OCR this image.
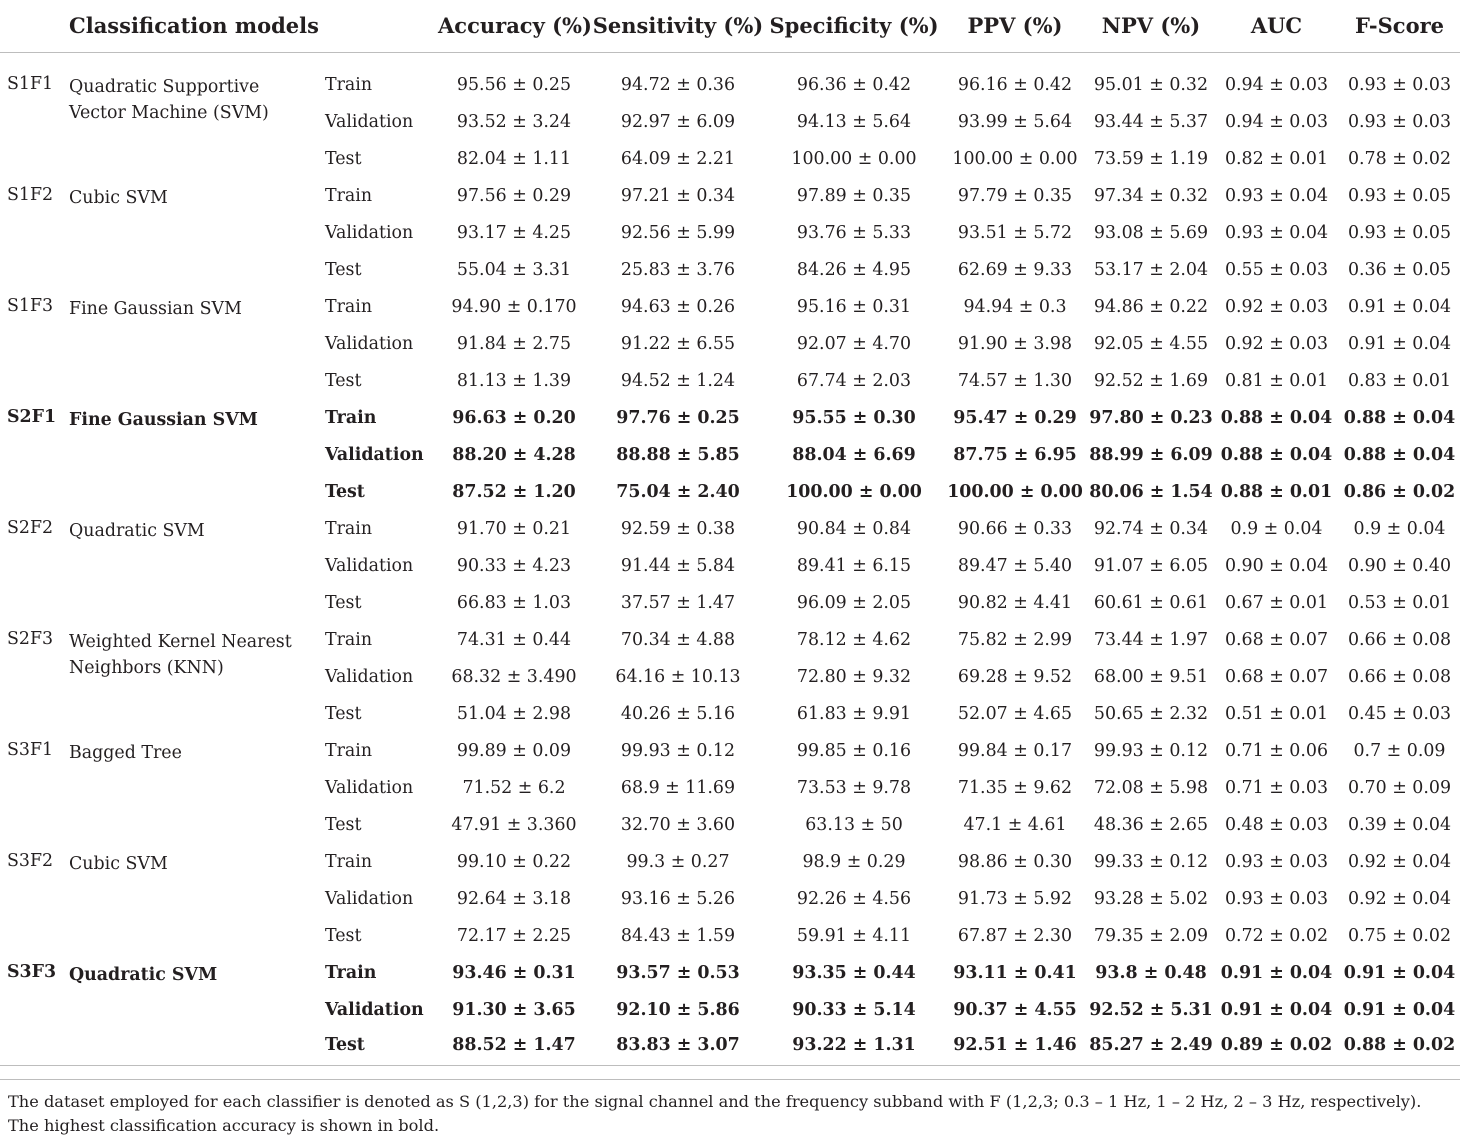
	Classification models		Accuracy (%)	Sensitivity (%)	Specificity (%)	PPV (%)	NPV (%)	AUC	F-Score

S1F1	Quadratic Supportive Vector Machine (SVM)	Train	95.56 ± 0.25	94.72 ± 0.36	96.36 ± 0.42	96.16 ± 0.42	95.01 ± 0.32	0.94 ± 0.03	0.93 ± 0.03
		Validation	93.52 ± 3.24	92.97 ± 6.09	94.13 ± 5.64	93.99 ± 5.64	93.44 ± 5.37	0.94 ± 0.03	0.93 ± 0.03
		Test	82.04 ± 1.11	64.09 ± 2.21	100.00 ± 0.00	100.00 ± 0.00	73.59 ± 1.19	0.82 ± 0.01	0.78 ± 0.02
S1F2	Cubic SVM	Train	97.56 ± 0.29	97.21 ± 0.34	97.89 ± 0.35	97.79 ± 0.35	97.34 ± 0.32	0.93 ± 0.04	0.93 ± 0.05
		Validation	93.17 ± 4.25	92.56 ± 5.99	93.76 ± 5.33	93.51 ± 5.72	93.08 ± 5.69	0.93 ± 0.04	0.93 ± 0.05
		Test	55.04 ± 3.31	25.83 ± 3.76	84.26 ± 4.95	62.69 ± 9.33	53.17 ± 2.04	0.55 ± 0.03	0.36 ± 0.05
S1F3	Fine Gaussian SVM	Train	94.90 ± 0.170	94.63 ± 0.26	95.16 ± 0.31	94.94 ± 0.3	94.86 ± 0.22	0.92 ± 0.03	0.91 ± 0.04
		Validation	91.84 ± 2.75	91.22 ± 6.55	92.07 ± 4.70	91.90 ± 3.98	92.05 ± 4.55	0.92 ± 0.03	0.91 ± 0.04
		Test	81.13 ± 1.39	94.52 ± 1.24	67.74 ± 2.03	74.57 ± 1.30	92.52 ± 1.69	0.81 ± 0.01	0.83 ± 0.01
S2F1	Fine Gaussian SVM	Train	96.63 ± 0.20	97.76 ± 0.25	95.55 ± 0.30	95.47 ± 0.29	97.80 ± 0.23	0.88 ± 0.04	0.88 ± 0.04
		Validation	88.20 ± 4.28	88.88 ± 5.85	88.04 ± 6.69	87.75 ± 6.95	88.99 ± 6.09	0.88 ± 0.04	0.88 ± 0.04
		Test	87.52 ± 1.20	75.04 ± 2.40	100.00 ± 0.00	100.00 ± 0.00	80.06 ± 1.54	0.88 ± 0.01	0.86 ± 0.02
S2F2	Quadratic SVM	Train	91.70 ± 0.21	92.59 ± 0.38	90.84 ± 0.84	90.66 ± 0.33	92.74 ± 0.34	0.9 ± 0.04	0.9 ± 0.04
		Validation	90.33 ± 4.23	91.44 ± 5.84	89.41 ± 6.15	89.47 ± 5.40	91.07 ± 6.05	0.90 ± 0.04	0.90 ± 0.40
		Test	66.83 ± 1.03	37.57 ± 1.47	96.09 ± 2.05	90.82 ± 4.41	60.61 ± 0.61	0.67 ± 0.01	0.53 ± 0.01
S2F3	Weighted Kernel Nearest Neighbors (KNN)	Train	74.31 ± 0.44	70.34 ± 4.88	78.12 ± 4.62	75.82 ± 2.99	73.44 ± 1.97	0.68 ± 0.07	0.66 ± 0.08
		Validation	68.32 ± 3.490	64.16 ± 10.13	72.80 ± 9.32	69.28 ± 9.52	68.00 ± 9.51	0.68 ± 0.07	0.66 ± 0.08
		Test	51.04 ± 2.98	40.26 ± 5.16	61.83 ± 9.91	52.07 ± 4.65	50.65 ± 2.32	0.51 ± 0.01	0.45 ± 0.03
S3F1	Bagged Tree	Train	99.89 ± 0.09	99.93 ± 0.12	99.85 ± 0.16	99.84 ± 0.17	99.93 ± 0.12	0.71 ± 0.06	0.7 ± 0.09
		Validation	71.52 ± 6.2	68.9 ± 11.69	73.53 ± 9.78	71.35 ± 9.62	72.08 ± 5.98	0.71 ± 0.03	0.70 ± 0.09
		Test	47.91 ± 3.360	32.70 ± 3.60	63.13 ± 50	47.1 ± 4.61	48.36 ± 2.65	0.48 ± 0.03	0.39 ± 0.04
S3F2	Cubic SVM	Train	99.10 ± 0.22	99.3 ± 0.27	98.9 ± 0.29	98.86 ± 0.30	99.33 ± 0.12	0.93 ± 0.03	0.92 ± 0.04
		Validation	92.64 ± 3.18	93.16 ± 5.26	92.26 ± 4.56	91.73 ± 5.92	93.28 ± 5.02	0.93 ± 0.03	0.92 ± 0.04
		Test	72.17 ± 2.25	84.43 ± 1.59	59.91 ± 4.11	67.87 ± 2.30	79.35 ± 2.09	0.72 ± 0.02	0.75 ± 0.02
S3F3	Quadratic SVM	Train	93.46 ± 0.31	93.57 ± 0.53	93.35 ± 0.44	93.11 ± 0.41	93.8 ± 0.48	0.91 ± 0.04	0.91 ± 0.04
		Validation	91.30 ± 3.65	92.10 ± 5.86	90.33 ± 5.14	90.37 ± 4.55	92.52 ± 5.31	0.91 ± 0.04	0.91 ± 0.04
		Test	88.52 ± 1.47	83.83 ± 3.07	93.22 ± 1.31	92.51 ± 1.46	85.27 ± 2.49	0.89 ± 0.02	0.88 ± 0.02

The dataset employed for each classifier is denoted as S (1,2,3) for the signal channel and the frequency subband with F (1,2,3; 0.3 – 1 Hz, 1 – 2 Hz, 2 – 3 Hz, respectively). The highest classification accuracy is shown in bold.
